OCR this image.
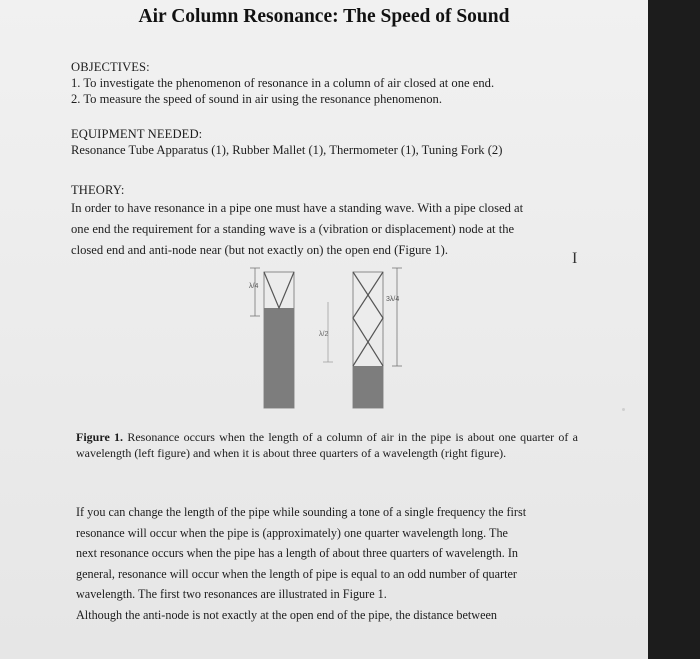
Air Column Resonance: The Speed of Sound
OBJECTIVES:
1. To investigate the phenomenon of resonance in a column of air closed at one end.
2. To measure the speed of sound in air using the resonance phenomenon.
EQUIPMENT NEEDED:
Resonance Tube Apparatus (1), Rubber Mallet (1), Thermometer (1), Tuning Fork (2)
THEORY:
In order to have resonance in a pipe one must have a standing wave. With a pipe closed at
one end the requirement for a standing wave is a (vibration or displacement) node at the
closed end and anti-node near (but not exactly on) the open end (Figure 1).	I
λ/4
λ/2
3λ/4
Figure 1. Resonance occurs when the length of a column of air in the pipe is about one quarter of a wavelength (left figure) and when it is about three quarters of a wavelength (right figure).
If you can change the length of the pipe while sounding a tone of a single frequency the first
resonance will occur when the pipe is (approximately) one quarter wavelength long. The
next resonance occurs when the pipe has a length of about three quarters of wavelength. In
general, resonance will occur when the length of pipe is equal to an odd number of quarter
wavelength. The first two resonances are illustrated in Figure 1.
Although the anti-node is not exactly at the open end of the pipe, the distance between
